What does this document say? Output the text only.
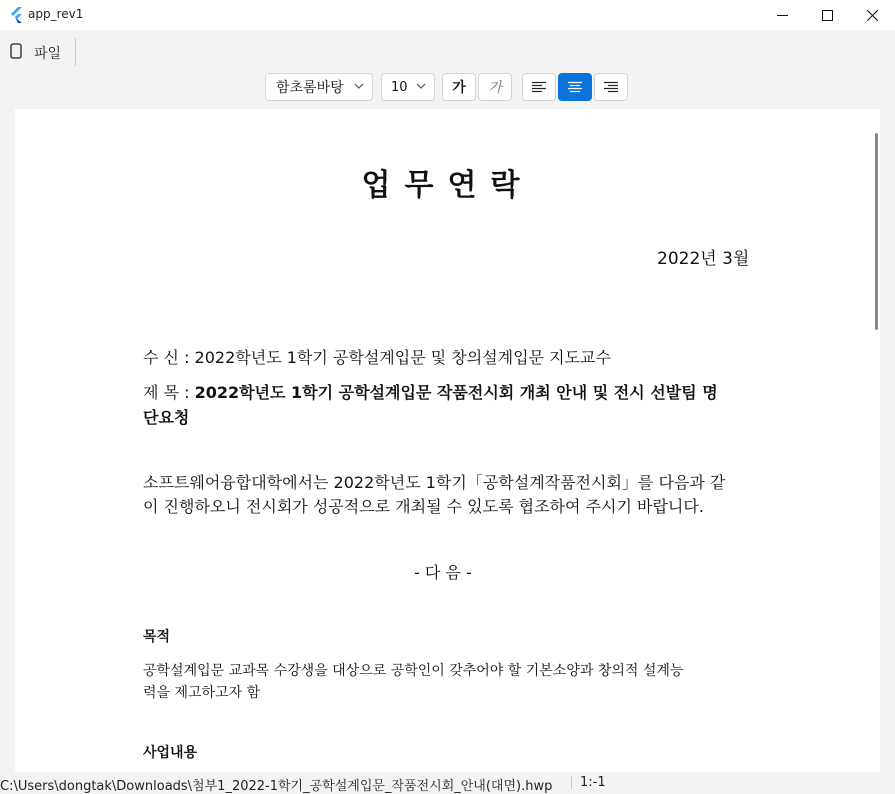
app_rev1
파일
함초롬바탕	10	가	가
업무연락
2022년 3월
수 신 : 2022학년도 1학기 공학설계입문 및 창의설계입문 지도교수
제 목 : 2022학년도 1학기 공학설계입문 작품전시회 개최 안내 및 전시 선발팀 명
단요청
소프트웨어융합대학에서는 2022학년도 1학기「공학설계작품전시회」를 다음과 같
이 진행하오니 전시회가 성공적으로 개최될 수 있도록 협조하여 주시기 바랍니다.
- 다 음 -
목적
공학설계입문 교과목 수강생을 대상으로 공학인이 갖추어야 할 기본소양과 창의적 설계능
력을 제고하고자 함
사업내용
C:\Users\dongtak\Downloads\첨부1_2022-1학기_공학설계입문_작품전시회_안내(대면).hwp 1:-1
